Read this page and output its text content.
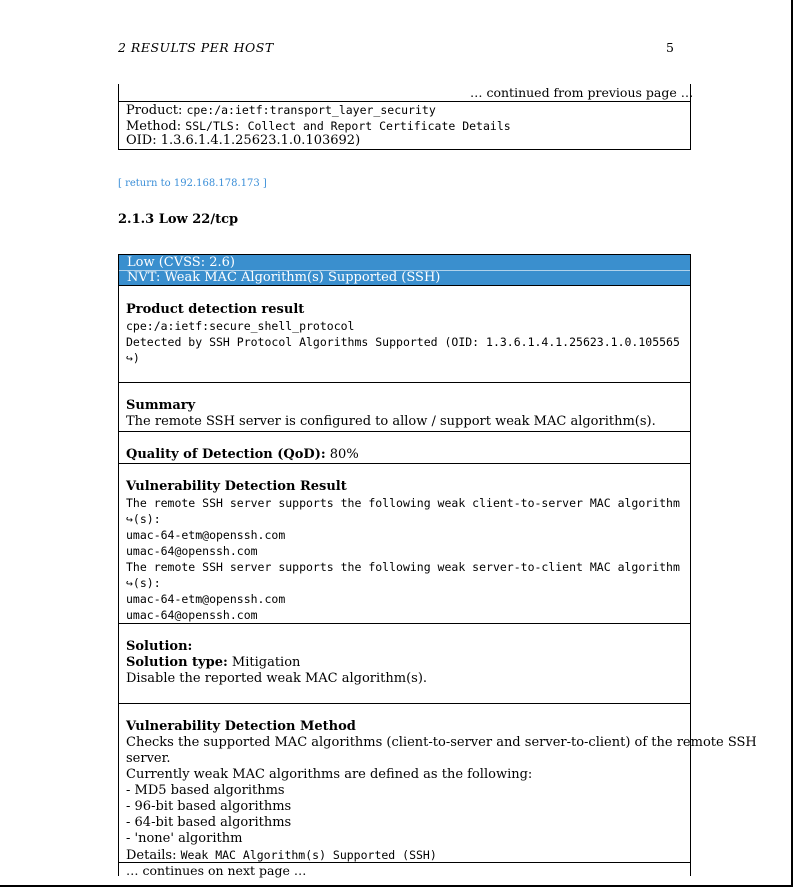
2 RESULTS PER HOST	5
… continued from previous page …
Product: cpe:/a:ietf:transport_layer_security
Method: SSL/TLS: Collect and Report Certificate Details
OID: 1.3.6.1.4.1.25623.1.0.103692)
[ return to 192.168.178.173 ]
2.1.3 Low 22/tcp
Low (CVSS: 2.6)
NVT: Weak MAC Algorithm(s) Supported (SSH)
Product detection result
cpe:/a:ietf:secure_shell_protocol
Detected by SSH Protocol Algorithms Supported (OID: 1.3.6.1.4.1.25623.1.0.105565
↪)
Summary
The remote SSH server is configured to allow / support weak MAC algorithm(s).
Quality of Detection (QoD): 80%
Vulnerability Detection Result
The remote SSH server supports the following weak client-to-server MAC algorithm
↪(s):
umac-64-etm@openssh.com
umac-64@openssh.com
The remote SSH server supports the following weak server-to-client MAC algorithm
↪(s):
umac-64-etm@openssh.com
umac-64@openssh.com
Solution:
Solution type: Mitigation
Disable the reported weak MAC algorithm(s).
Vulnerability Detection Method
Checks the supported MAC algorithms (client-to-server and server-to-client) of the remote SSH
server.
Currently weak MAC algorithms are defined as the following:
- MD5 based algorithms
- 96-bit based algorithms
- 64-bit based algorithms
- 'none' algorithm
Details: Weak MAC Algorithm(s) Supported (SSH)
… continues on next page …
